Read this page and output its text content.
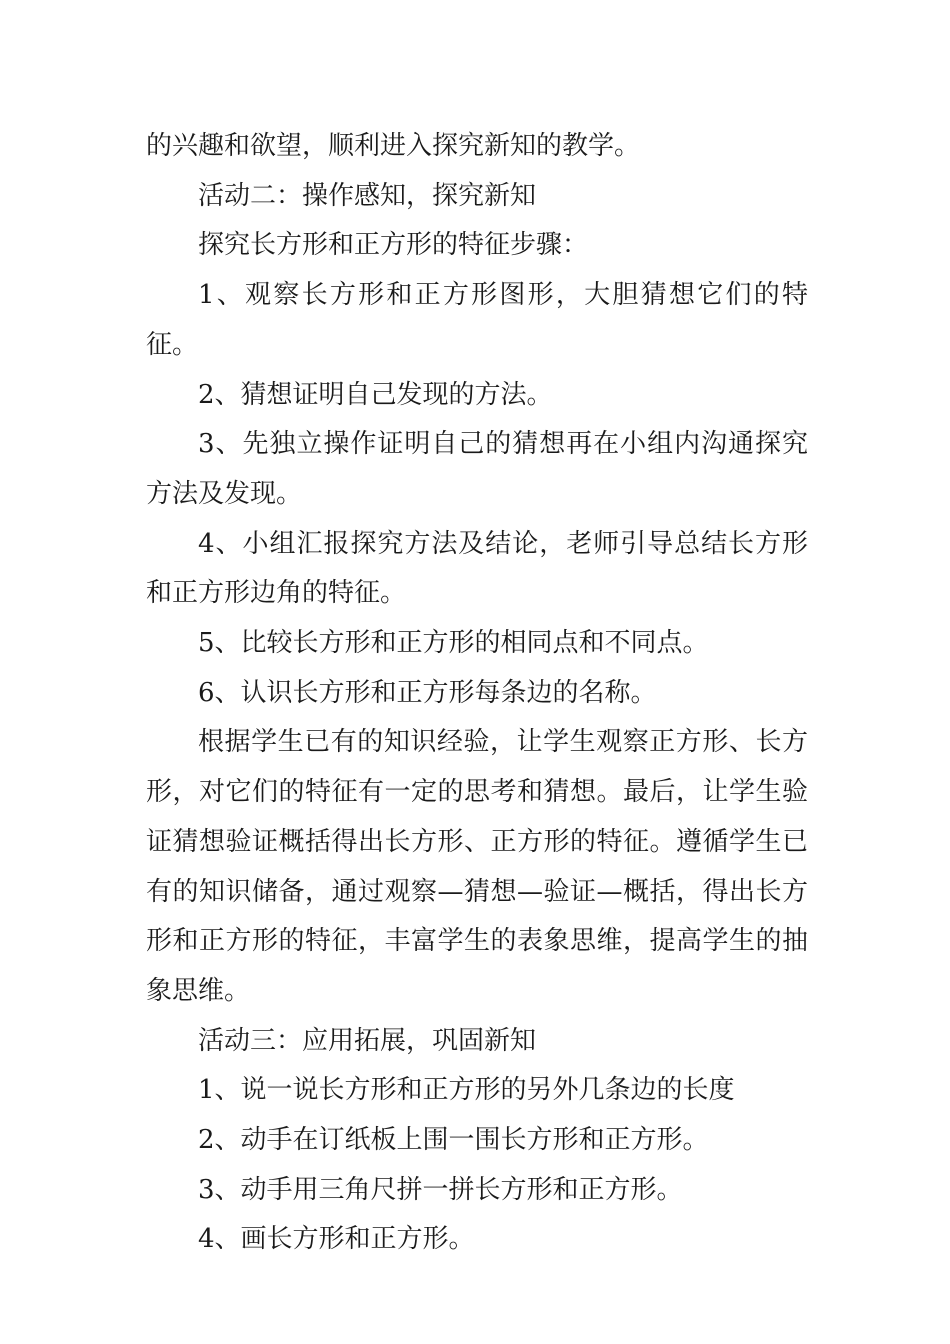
的兴趣和欲望，顺利进入探究新知的教学。

活动二：操作感知，探究新知

探究长方形和正方形的特征步骤：

1、观察长方形和正方形图形，大胆猜想它们的特征。

2、猜想证明自己发现的方法。

3、先独立操作证明自己的猜想再在小组内沟通探究方法及发现。

4、小组汇报探究方法及结论，老师引导总结长方形和正方形边角的特征。

5、比较长方形和正方形的相同点和不同点。

6、认识长方形和正方形每条边的名称。

根据学生已有的知识经验，让学生观察正方形、长方形，对它们的特征有一定的思考和猜想。最后，让学生验证猜想验证概括得出长方形、正方形的特征。遵循学生已有的知识储备，通过观察—猜想—验证—概括，得出长方形和正方形的特征，丰富学生的表象思维，提高学生的抽象思维。

活动三：应用拓展，巩固新知

1、说一说长方形和正方形的另外几条边的长度

2、动手在订纸板上围一围长方形和正方形。

3、动手用三角尺拼一拼长方形和正方形。

4、画长方形和正方形。
